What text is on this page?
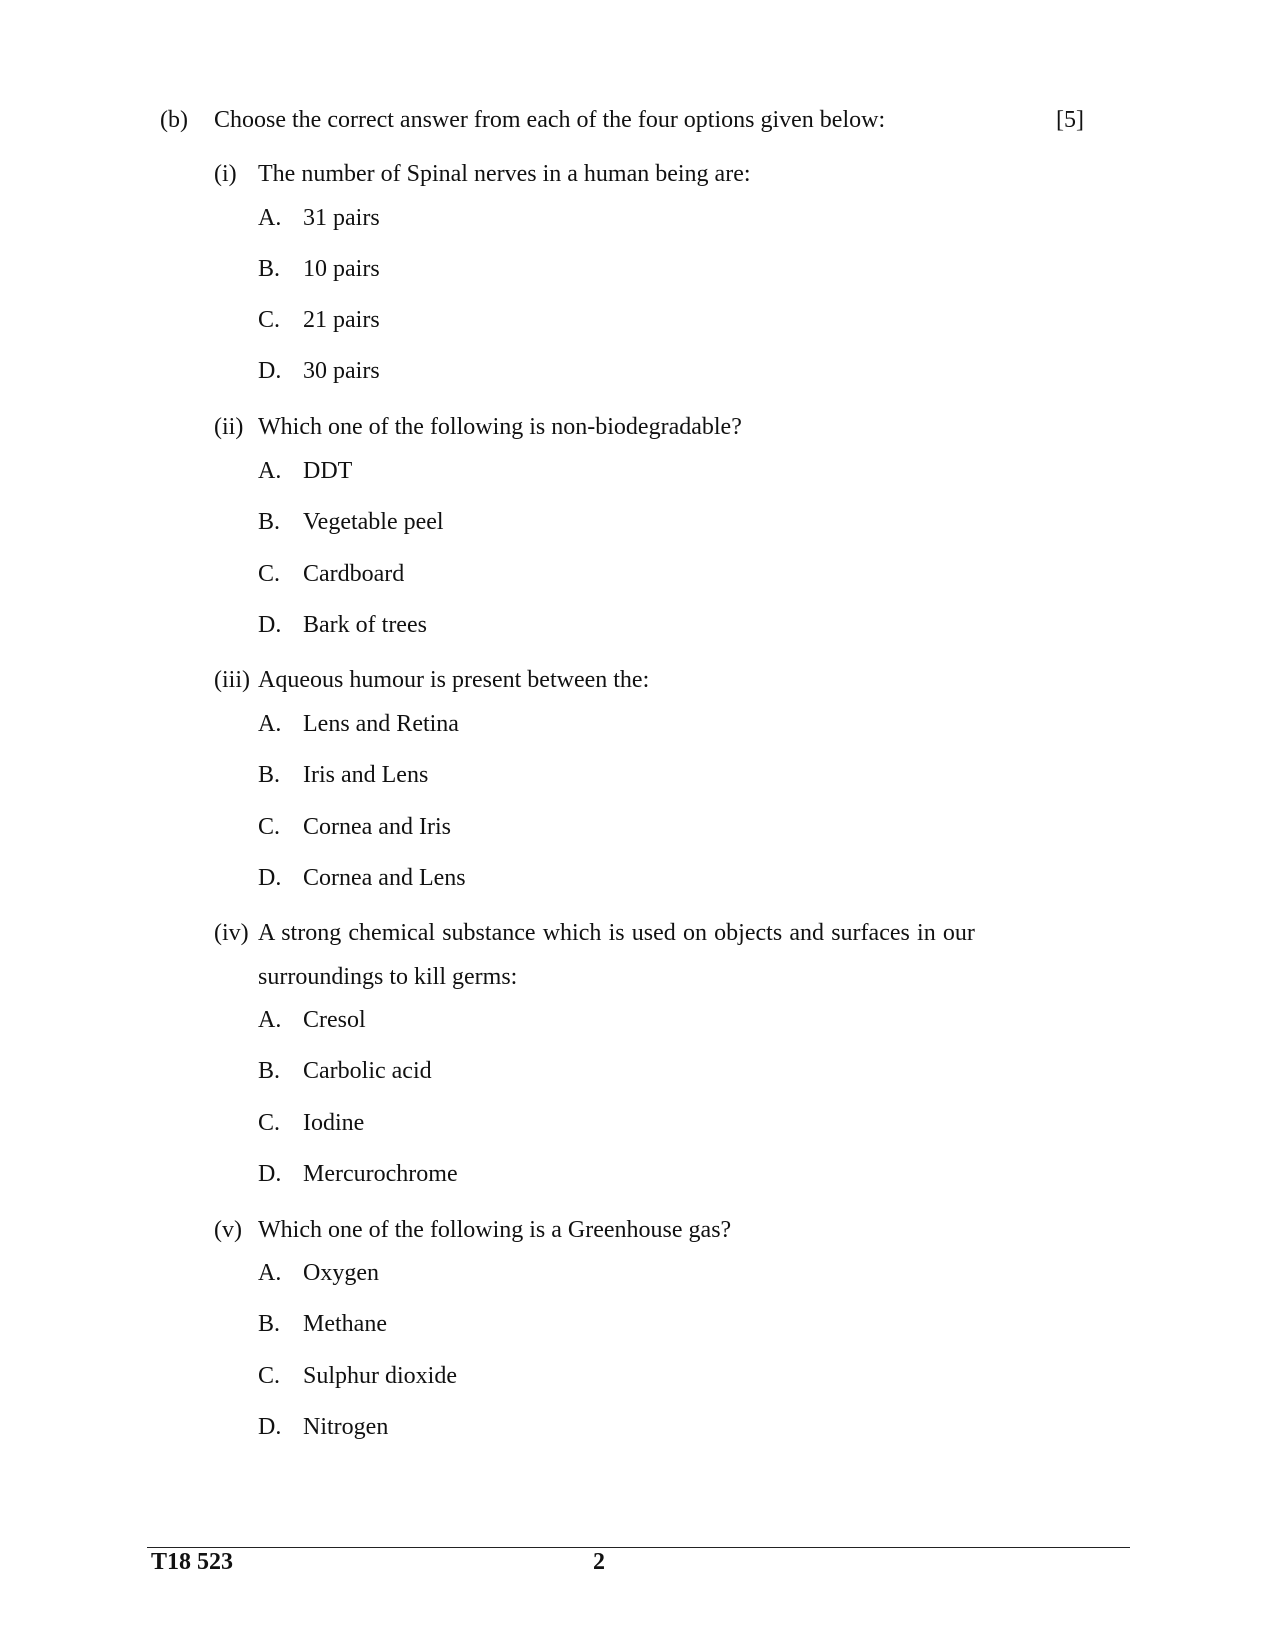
(b) Choose the correct answer from each of the four options given below:	[5]
(i) The number of Spinal nerves in a human being are:
A. 31 pairs
B. 10 pairs
C. 21 pairs
D. 30 pairs
(ii) Which one of the following is non-biodegradable?
A. DDT
B. Vegetable peel
C. Cardboard
D. Bark of trees
(iii) Aqueous humour is present between the:
A. Lens and Retina
B. Iris and Lens
C. Cornea and Iris
D. Cornea and Lens
(iv) A strong chemical substance which is used on objects and surfaces in our
surroundings to kill germs:
A. Cresol
B. Carbolic acid
C. Iodine
D. Mercurochrome
(v) Which one of the following is a Greenhouse gas?
A. Oxygen
B. Methane
C. Sulphur dioxide
D. Nitrogen
T18 523	2
